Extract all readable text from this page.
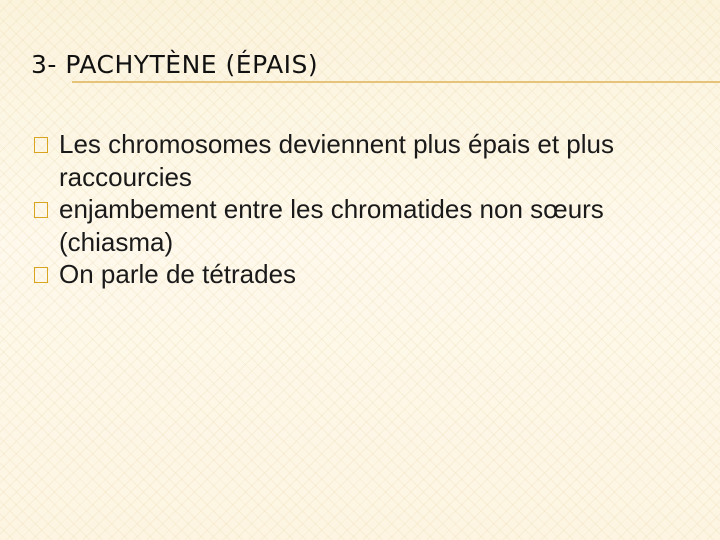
3- PACHYTÈNE (ÉPAIS)
Les chromosomes deviennent plus épais et plus raccourcies
enjambement entre les chromatides non sœurs (chiasma)
On parle de tétrades
